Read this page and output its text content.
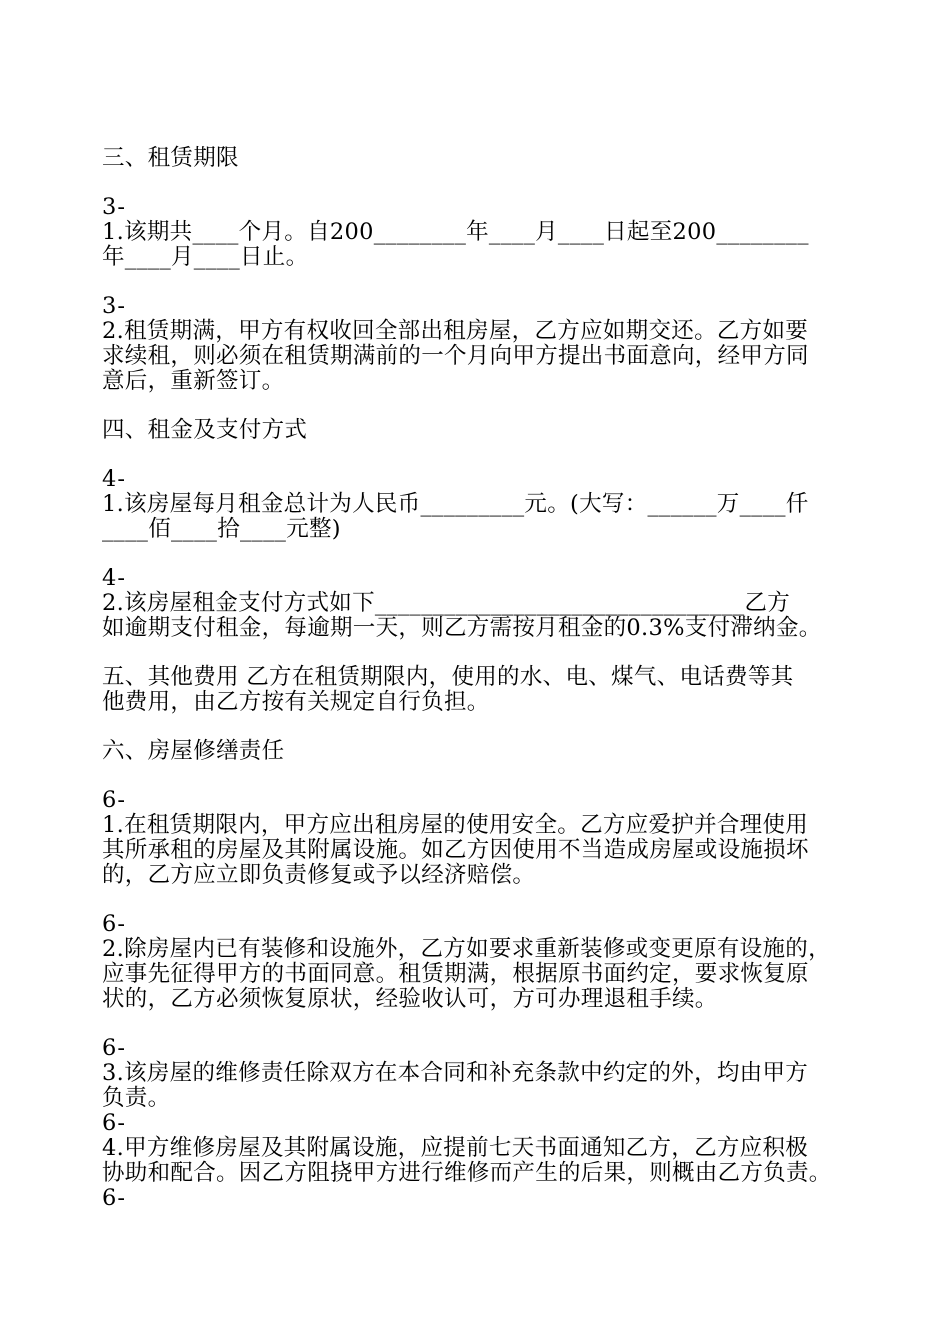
三、租赁期限
3-
1.该期共____个月。自200________年____月____日起至200________
年____月____日止。
3-
2.租赁期满，甲方有权收回全部出租房屋，乙方应如期交还。乙方如要
求续租，则必须在租赁期满前的一个月向甲方提出书面意向，经甲方同
意后，重新签订。
四、租金及支付方式
4-
1.该房屋每月租金总计为人民币_________元。(大写：______万____仟
____佰____拾____元整)
4-
2.该房屋租金支付方式如下________________________________乙方
如逾期支付租金，每逾期一天，则乙方需按月租金的0.3%支付滞纳金。
五、其他费用 乙方在租赁期限内，使用的水、电、煤气、电话费等其
他费用，由乙方按有关规定自行负担。
六、房屋修缮责任
6-
1.在租赁期限内，甲方应出租房屋的使用安全。乙方应爱护并合理使用
其所承租的房屋及其附属设施。如乙方因使用不当造成房屋或设施损坏
的，乙方应立即负责修复或予以经济赔偿。
6-
2.除房屋内已有装修和设施外，乙方如要求重新装修或变更原有设施的，
应事先征得甲方的书面同意。租赁期满，根据原书面约定，要求恢复原
状的，乙方必须恢复原状，经验收认可，方可办理退租手续。
6-
3.该房屋的维修责任除双方在本合同和补充条款中约定的外，均由甲方
负责。
6-
4.甲方维修房屋及其附属设施，应提前七天书面通知乙方，乙方应积极
协助和配合。因乙方阻挠甲方进行维修而产生的后果，则概由乙方负责。
6-
